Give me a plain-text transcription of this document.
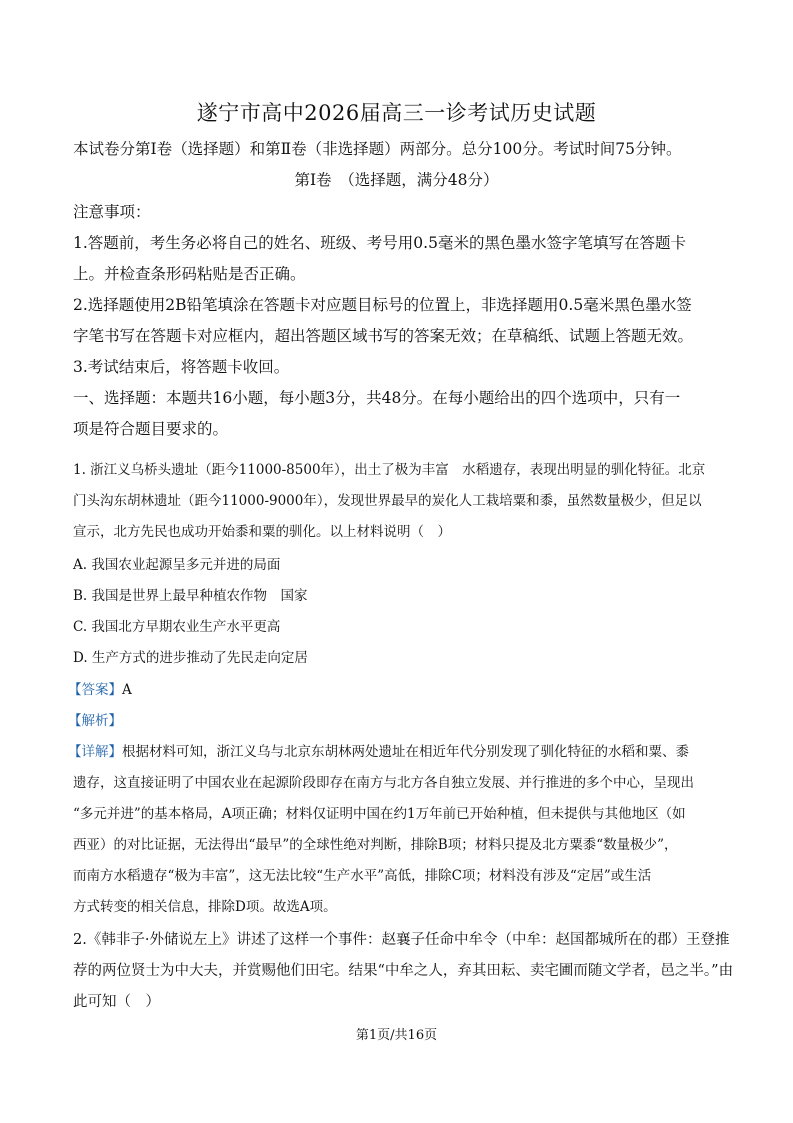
遂宁市高中2026届高三一诊考试历史试题
本试卷分第Ⅰ卷（选择题）和第Ⅱ卷（非选择题）两部分。总分100分。考试时间75分钟。
第Ⅰ卷　（选择题，满分48分）
注意事项：
1.答题前，考生务必将自己的姓名、班级、考号用0.5毫米的黑色墨水签字笔填写在答题卡
上。并检查条形码粘贴是否正确。
2.选择题使用2B铅笔填涂在答题卡对应题目标号的位置上，非选择题用0.5毫米黑色墨水签
字笔书写在答题卡对应框内，超出答题区域书写的答案无效；在草稿纸、试题上答题无效。
3.考试结束后，将答题卡收回。
一、选择题：本题共16小题，每小题3分，共48分。在每小题给出的四个选项中，只有一
项是符合题目要求的。
1. 浙江义乌桥头遗址（距今11000-8500年），出土了极为丰富　水稻遗存，表现出明显的驯化特征。北京
门头沟东胡林遗址（距今11000-9000年），发现世界最早的炭化人工栽培粟和黍，虽然数量极少，但足以
宣示，北方先民也成功开始黍和粟的驯化。以上材料说明（　）
A. 我国农业起源呈多元并进的局面
B. 我国是世界上最早种植农作物　国家
C. 我国北方早期农业生产水平更高
D. 生产方式的进步推动了先民走向定居
【答案】A
【解析】
【详解】根据材料可知，浙江义乌与北京东胡林两处遗址在相近年代分别发现了驯化特征的水稻和粟、黍
遗存，这直接证明了中国农业在起源阶段即存在南方与北方各自独立发展、并行推进的多个中心，呈现出
“多元并进”的基本格局，A项正确；材料仅证明中国在约1万年前已开始种植，但未提供与其他地区（如
西亚）的对比证据，无法得出“最早”的全球性绝对判断，排除B项；材料只提及北方粟黍“数量极少”，
而南方水稻遗存“极为丰富”，这无法比较“生产水平”高低，排除C项；材料没有涉及“定居”或生活
方式转变的相关信息，排除D项。故选A项。
2.《韩非子·外储说左上》讲述了这样一个事件：赵襄子任命中牟令（中牟：赵国都城所在的郡）王登推
荐的两位贤士为中大夫，并赏赐他们田宅。结果“中牟之人，弃其田耘、卖宅圃而随文学者，邑之半。”由
此可知（　）
第1页/共16页
